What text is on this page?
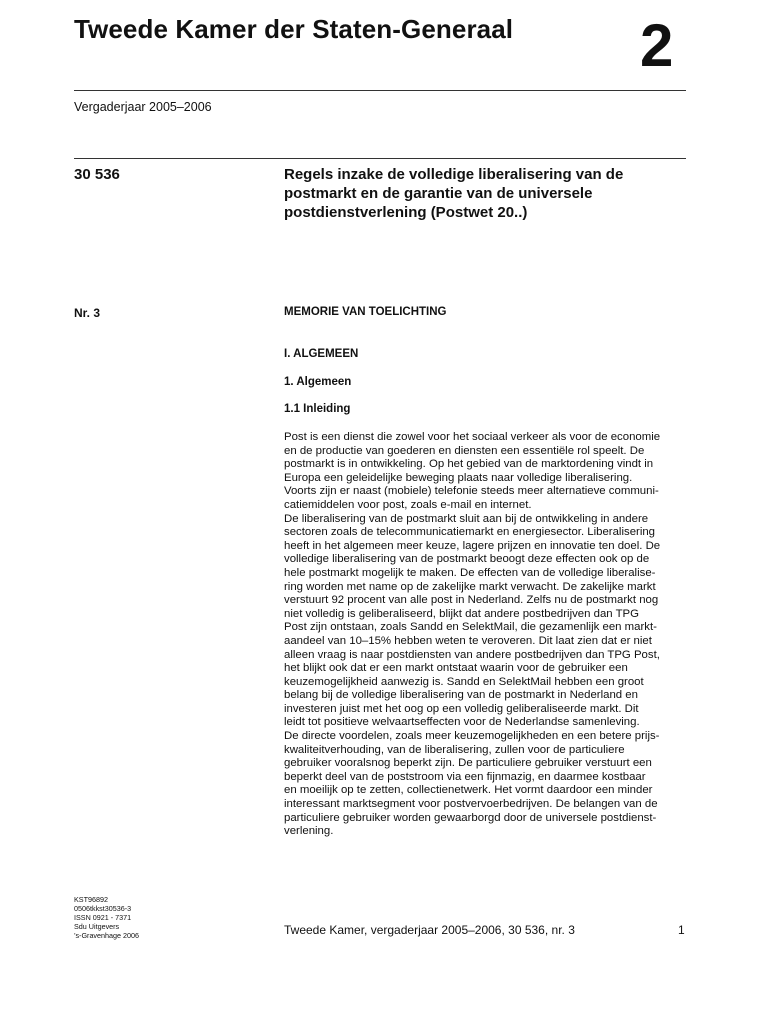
Tweede Kamer der Staten-Generaal 2
Vergaderjaar 2005–2006
30 536	Regels inzake de volledige liberalisering van de postmarkt en de garantie van de universele postdienstverlening (Postwet 20..)
Nr. 3	MEMORIE VAN TOELICHTING
I. ALGEMEEN
1. Algemeen
1.1 Inleiding
Post is een dienst die zowel voor het sociaal verkeer als voor de economie
en de productie van goederen en diensten een essentiële rol speelt. De
postmarkt is in ontwikkeling. Op het gebied van de marktordening vindt in
Europa een geleidelijke beweging plaats naar volledige liberalisering.
Voorts zijn er naast (mobiele) telefonie steeds meer alternatieve communi-
catiemiddelen voor post, zoals e-mail en internet.
De liberalisering van de postmarkt sluit aan bij de ontwikkeling in andere
sectoren zoals de telecommunicatiemarkt en energiesector. Liberalisering
heeft in het algemeen meer keuze, lagere prijzen en innovatie ten doel. De
volledige liberalisering van de postmarkt beoogt deze effecten ook op de
hele postmarkt mogelijk te maken. De effecten van de volledige liberalise-
ring worden met name op de zakelijke markt verwacht. De zakelijke markt
verstuurt 92 procent van alle post in Nederland. Zelfs nu de postmarkt nog
niet volledig is geliberaliseerd, blijkt dat andere postbedrijven dan TPG
Post zijn ontstaan, zoals Sandd en SelektMail, die gezamenlijk een markt-
aandeel van 10–15% hebben weten te veroveren. Dit laat zien dat er niet
alleen vraag is naar postdiensten van andere postbedrijven dan TPG Post,
het blijkt ook dat er een markt ontstaat waarin voor de gebruiker een
keuzemogelijkheid aanwezig is. Sandd en SelektMail hebben een groot
belang bij de volledige liberalisering van de postmarkt in Nederland en
investeren juist met het oog op een volledig geliberaliseerde markt. Dit
leidt tot positieve welvaartseffecten voor de Nederlandse samenleving.
De directe voordelen, zoals meer keuzemogelijkheden en een betere prijs-
kwaliteitverhouding, van de liberalisering, zullen voor de particuliere
gebruiker vooralsnog beperkt zijn. De particuliere gebruiker verstuurt een
beperkt deel van de poststroom via een fijnmazig, en daarmee kostbaar
en moeilijk op te zetten, collectienetwerk. Het vormt daardoor een minder
interessant marktsegment voor postvervoerbedrijven. De belangen van de
particuliere gebruiker worden gewaarborgd door de universele postdienst-
verlening.
KST96892
0506tkkst30536-3
ISSN 0921 - 7371
Sdu Uitgevers
’s-Gravenhage 2006	Tweede Kamer, vergaderjaar 2005–2006, 30 536, nr. 3	1
